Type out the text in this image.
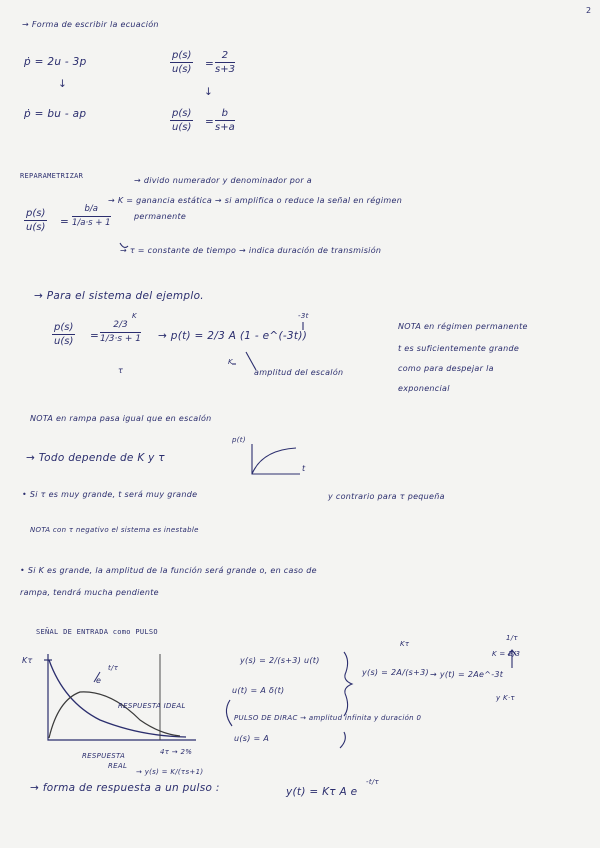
2
→ Forma de escribir la ecuación
ṗ = 2u - 3p
↓
ṗ = bu - ap
p(s)
u(s) =
2
s+3
↓
p(s)
u(s) =
b
s+a
REPARAMETRIZAR	→ divido numerador y denominador por a
p(s)
u(s) =
b/a
1/a·s + 1
→ K = ganancia estática → si amplifica o reduce la señal en régimen
permanente
→ τ = constante de tiempo → indica duración de transmisión
→ Para el sistema del ejemplo.
p(s)
u(s) =
2/3
1/3·s + 1
K
τ
→ p(t) = 2/3 A (1 - e^(-3t))
-3t
K
amplitud del escalón
NOTA en régimen permanente
t es suficientemente grande
como para despejar la
exponencial
NOTA en rampa pasa igual que en escalón
→ Todo depende de K y τ
p(t)
t
• Si τ es muy grande, t será muy grande	y contrario para τ pequeña
NOTA con τ negativo el sistema es inestable
• Si K es grande, la amplitud de la función será grande o, en caso de
rampa, tendrá mucha pendiente
SEÑAL DE ENTRADA como PULSO
Kτ
e
t/τ
RESPUESTA IDEAL
RESPUESTA
REAL
4τ → 2%
→ y(s) = K/(τs+1)
y(s) = 2/(s+3) u(t)
u(t) = A δ(t)
PULSO DE DIRAC → amplitud infinita y duración 0
u(s) = A
Kτ
y(s) = 2A/(s+3)
K = 2/3
1/τ
→ y(t) = 2Ae^-3t
y K·τ
→ forma de respuesta a un pulso :	y(t) = Kτ A e
-t/τ
